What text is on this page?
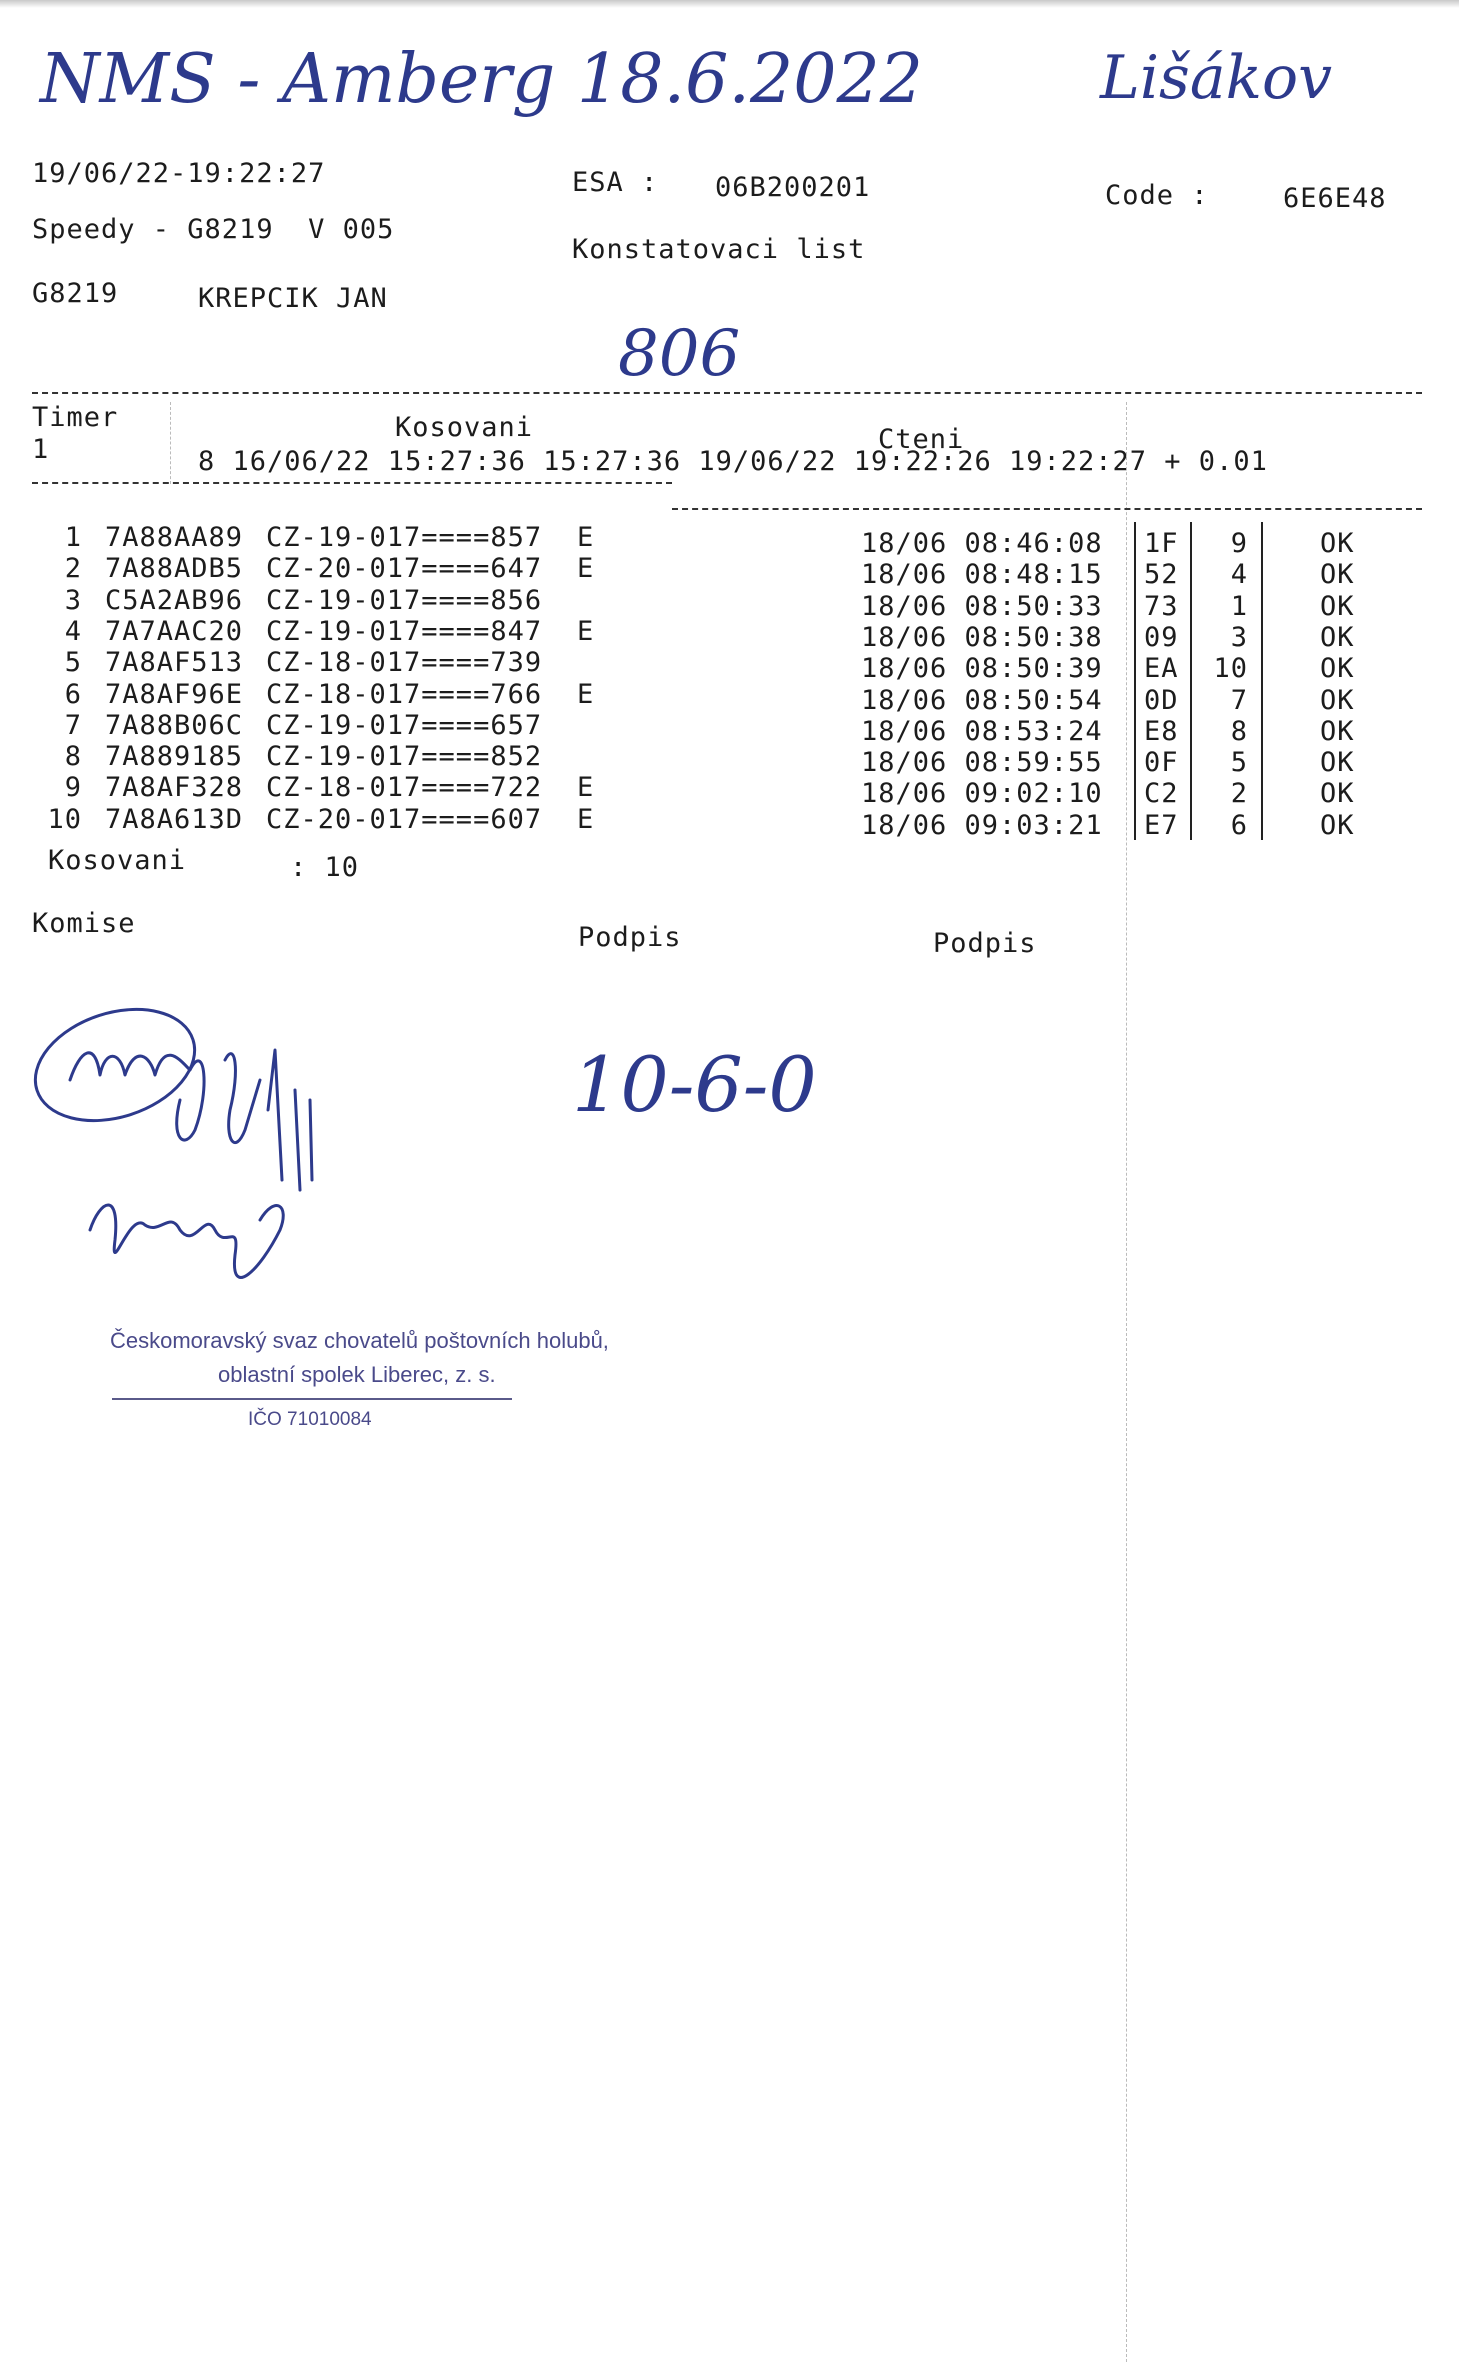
NMS - Amberg 18.6.2022	Lišákov
19/06/22-19:22:27	ESA : 06B200201	Code :	6E6E48
Speedy - G8219  V 005
Konstatovaci list
G8219	KREPCIK JAN
806
Timer	Kosovani	Cteni
1	8 16/06/22 15:27:36 15:27:36 19/06/22 19:22:26 19:22:27 + 0.01
1 7A88AA89 CZ-19-017====857 E	18/06 08:46:08 1F 9	OK
2 7A88ADB5 CZ-20-017====647 E	18/06 08:48:15 52 4	OK
3 C5A2AB96 CZ-19-017====856	18/06 08:50:33 73 1	OK
4 7A7AAC20 CZ-19-017====847 E	18/06 08:50:38 09 3	OK
5 7A8AF513 CZ-18-017====739	18/06 08:50:39 EA 10	OK
6 7A8AF96E CZ-18-017====766 E	18/06 08:50:54 0D 7	OK
7 7A88B06C CZ-19-017====657	18/06 08:53:24 E8 8	OK
8 7A889185 CZ-19-017====852	18/06 08:59:55 0F 5	OK
9 7A8AF328 CZ-18-017====722 E	18/06 09:02:10 C2 2	OK
10 7A8A613D CZ-20-017====607 E	18/06 09:03:21 E7 6	OK
Kosovani	: 10
Komise	Podpis	Podpis
10-6-0
Českomoravský svaz chovatelů poštovních holubů,
oblastní spolek Liberec, z. s.
IČO 71010084
